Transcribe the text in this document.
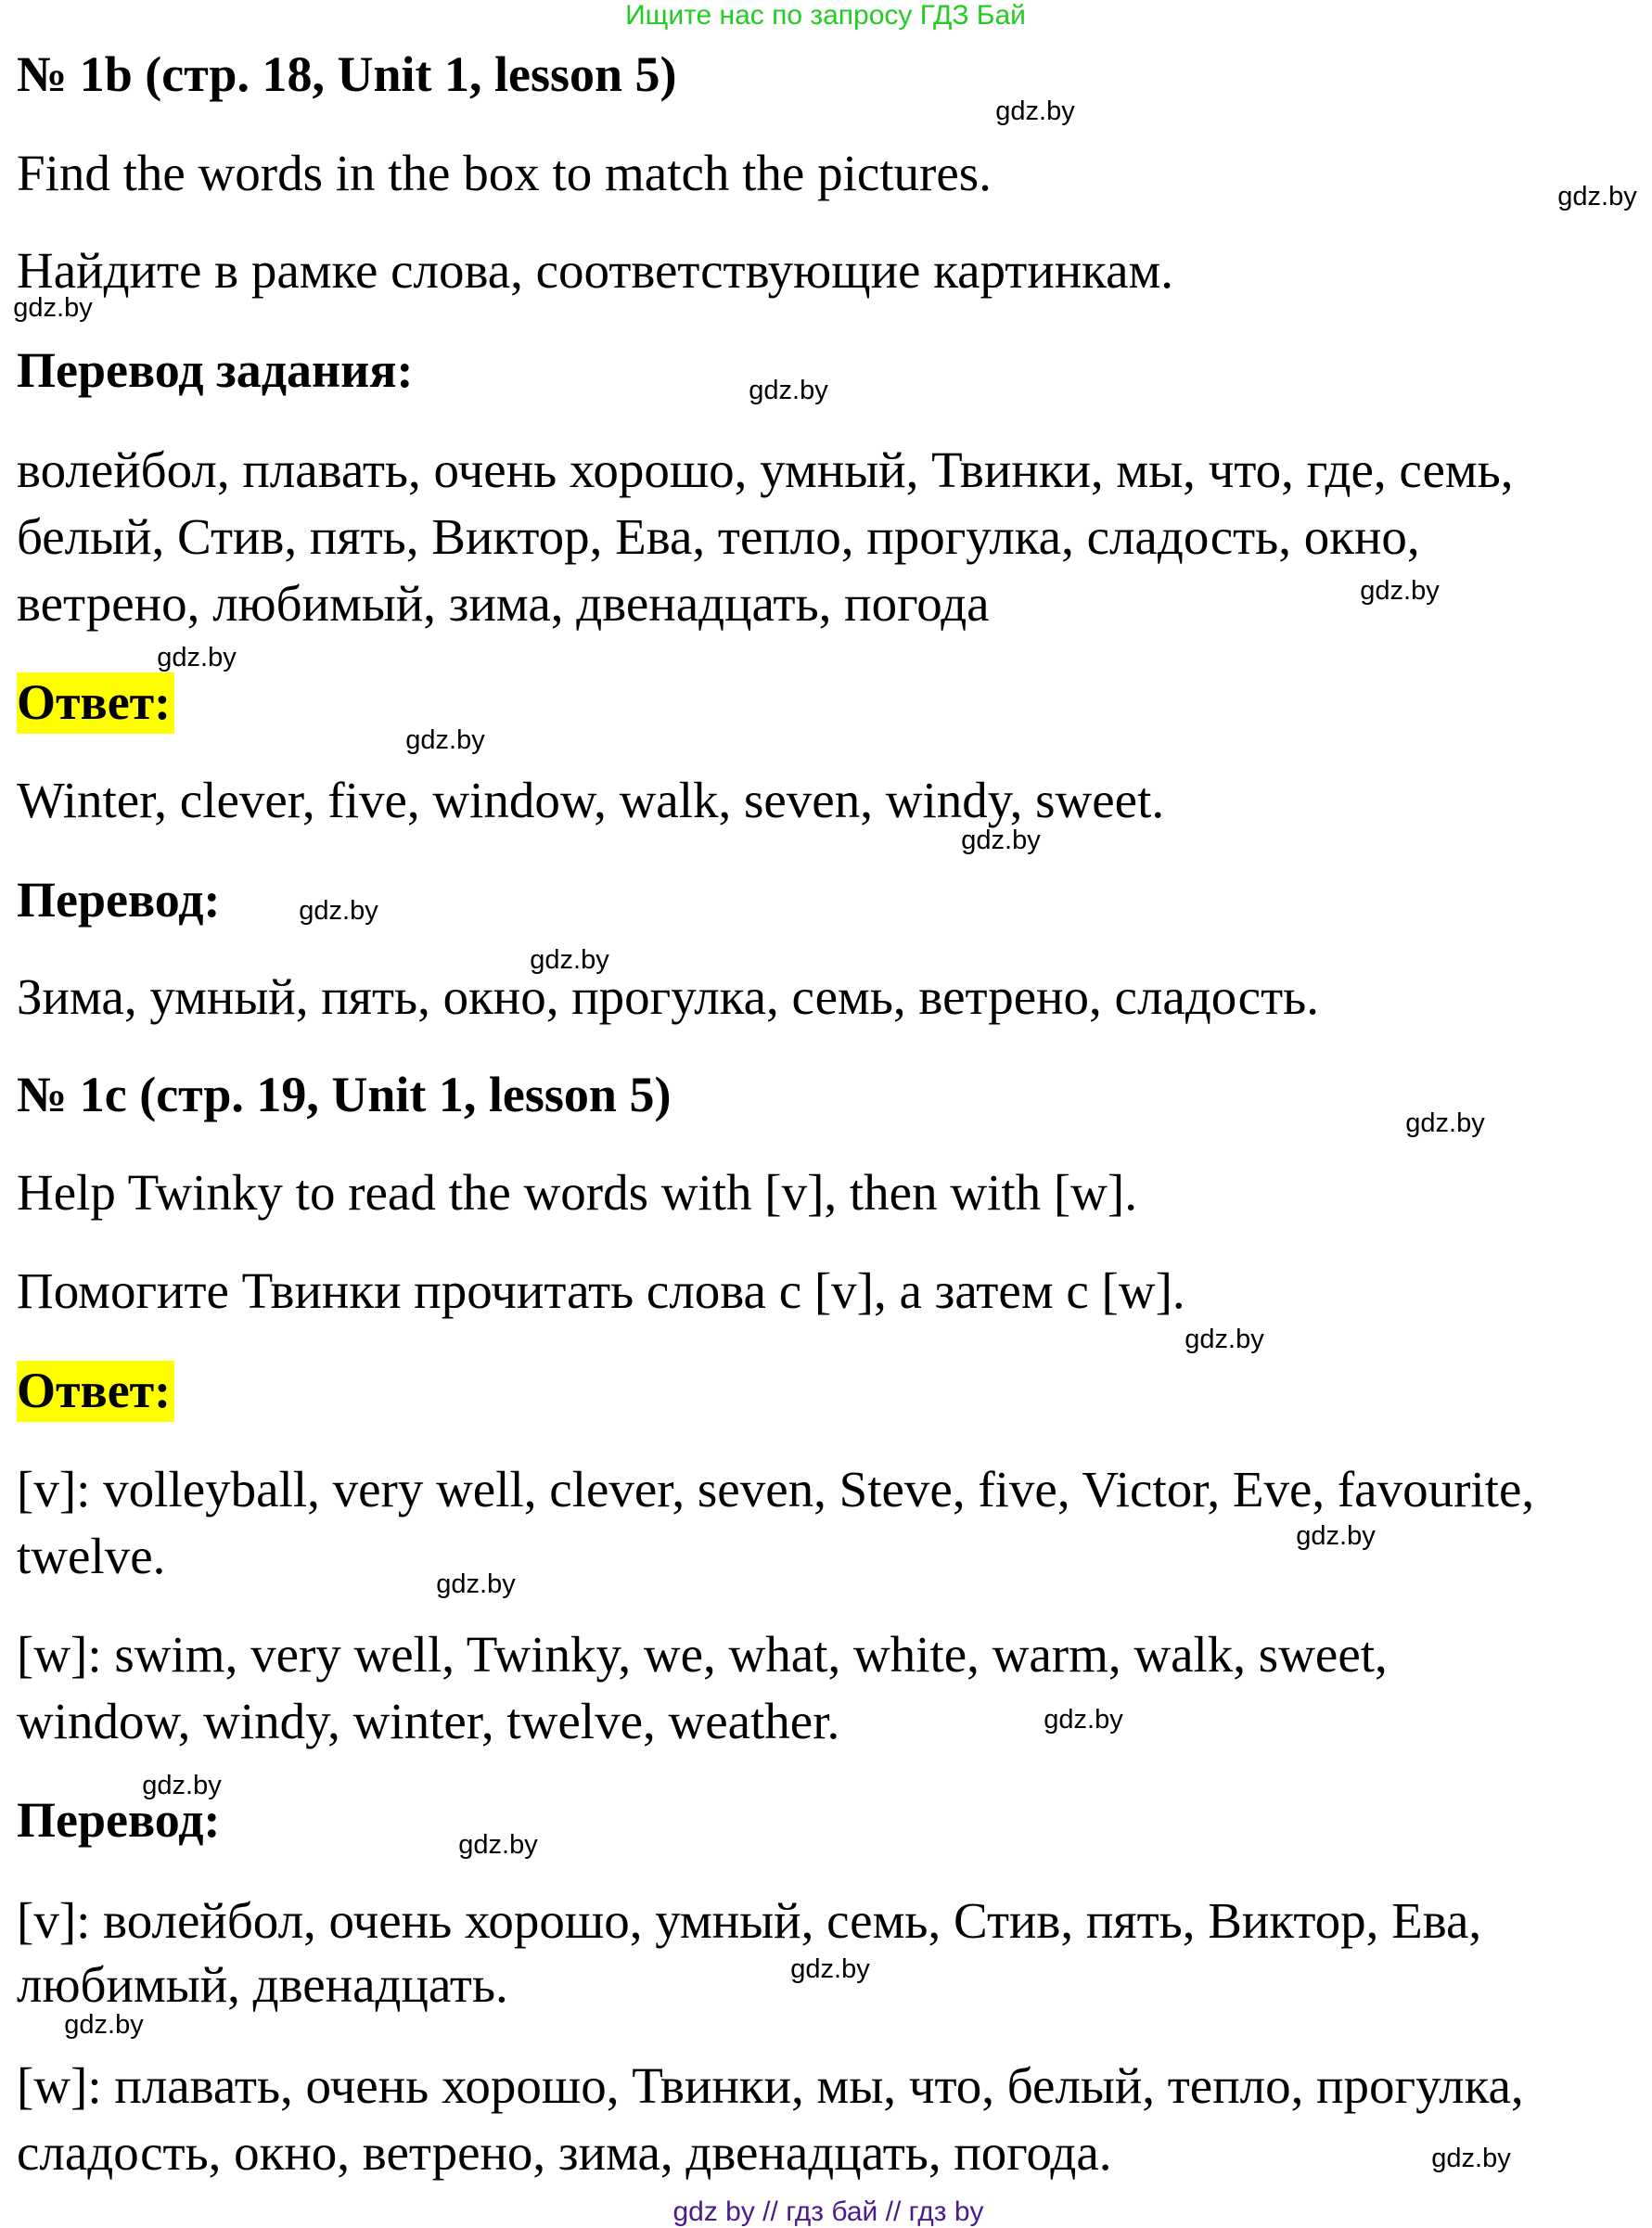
Ищите нас по запросу ГДЗ Бай
№ 1b (стр. 18, Unit 1, lesson 5)
Find the words in the box to match the pictures.
Найдите в рамке слова, соответствующие картинкам.
Перевод задания:
волейбол, плавать, очень хорошо, умный, Твинки, мы, что, где, семь,
белый, Стив, пять, Виктор, Ева, тепло, прогулка, сладость, окно,
ветрено, любимый, зима, двенадцать, погода
Ответ:
Winter, clever, five, window, walk, seven, windy, sweet.
Перевод:
Зима, умный, пять, окно, прогулка, семь, ветрено, сладость.
№ 1c (стр. 19, Unit 1, lesson 5)
Help Twinky to read the words with [v], then with [w].
Помогите Твинки прочитать слова с [v], а затем с [w].
Ответ:
[v]: volleyball, very well, clever, seven, Steve, five, Victor, Eve, favourite,
twelve.
[w]: swim, very well, Twinky, we, what, white, warm, walk, sweet,
window, windy, winter, twelve, weather.
Перевод:
[v]: волейбол, очень хорошо, умный, семь, Стив, пять, Виктор, Ева,
любимый, двенадцать.
[w]: плавать, очень хорошо, Твинки, мы, что, белый, тепло, прогулка,
сладость, окно, ветрено, зима, двенадцать, погода.
gdz.by
gdz.by
gdz.by
gdz.by
gdz.by
gdz.by
gdz.by
gdz.by
gdz.by
gdz.by
gdz.by
gdz.by
gdz.by
gdz.by
gdz.by
gdz.by
gdz.by
gdz.by
gdz.by
gdz.by
gdz by // гдз бай // гдз by
